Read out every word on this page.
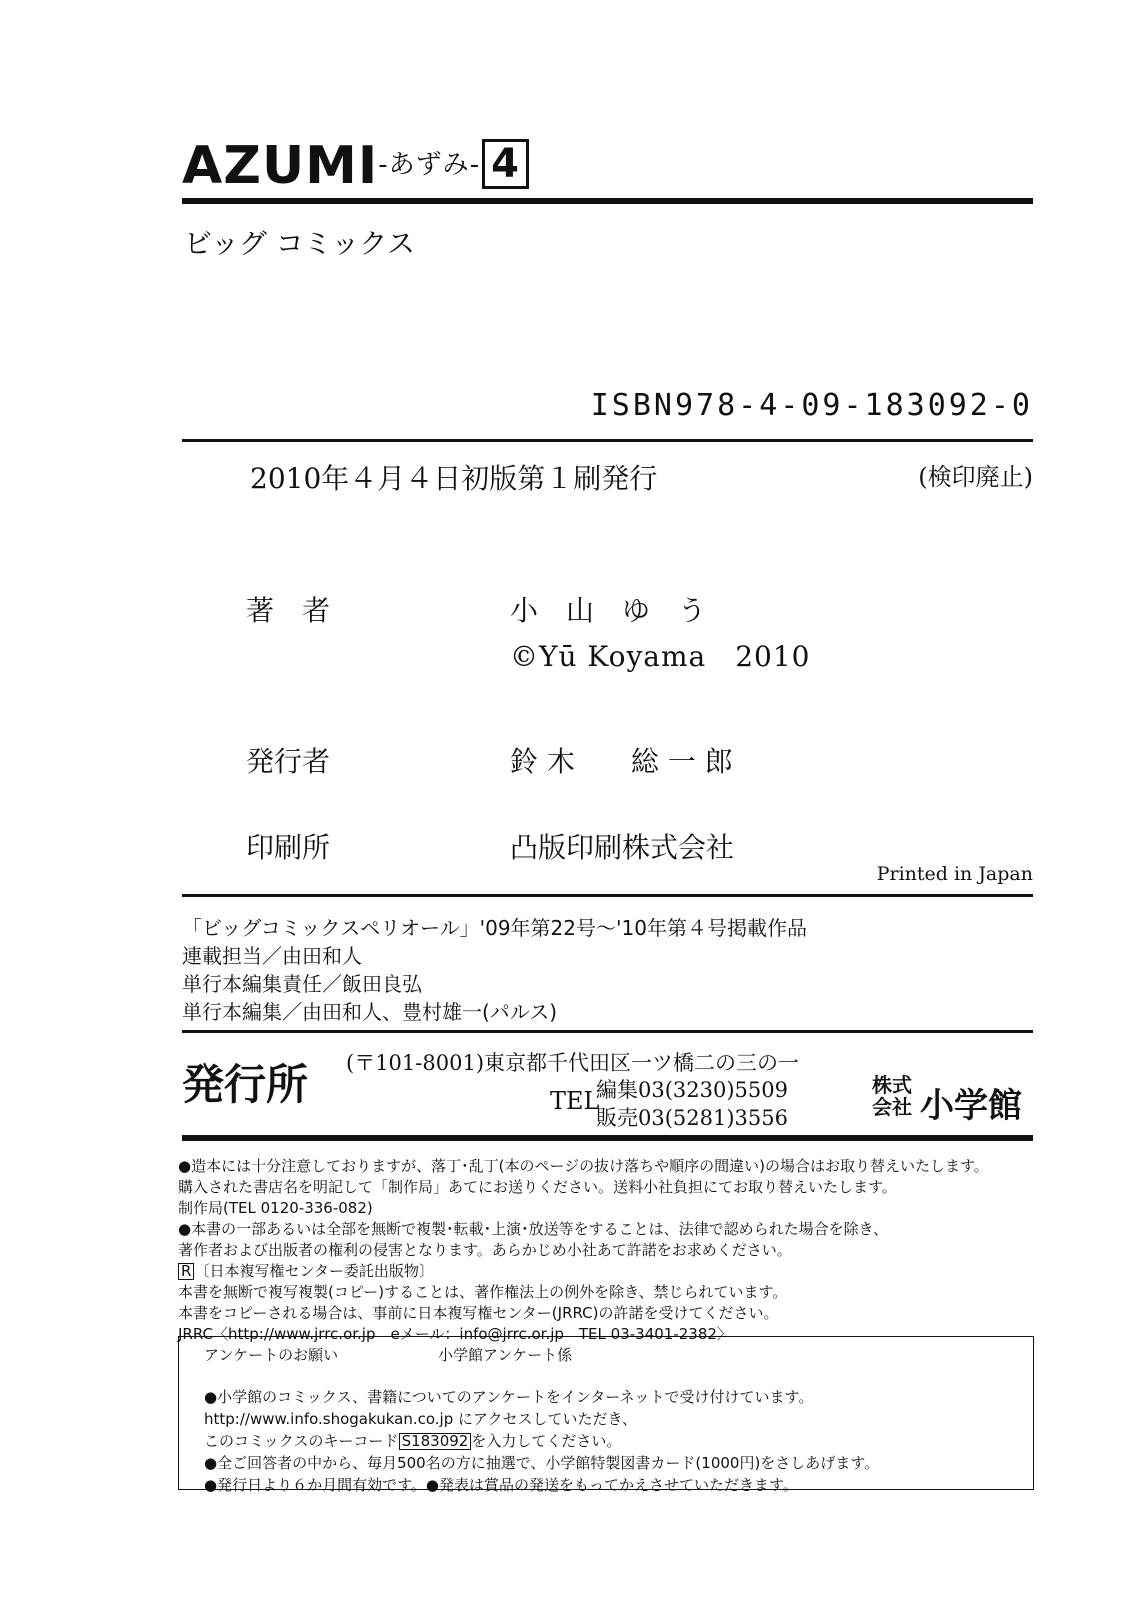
AZUMI-$^{あずみ}$- 4
ビッグ コミックス
ISBN978-4-09-183092-0
2010年４月４日初版第１刷発行	(検印廃止)
著　者	小　山　ゆ　う
©Yū Koyama　2010
発行者	鈴 木　　総 一 郎
印刷所	凸版印刷株式会社
Printed in Japan
「ビッグコミックスペリオール」'09年第22号～'10年第４号掲載作品
連載担当／由田和人
単行本編集責任／飯田良弘
単行本編集／由田和人、豊村雄一(パルス)
発行所 (〒101-8001)東京都千代田区一ツ橋二の三の一
TEL
編集03(3230)5509
販売03(5281)3556
株式会社 小学館
●造本には十分注意しておりますが、落丁･乱丁(本のページの抜け落ちや順序の間違い)の場合はお取り替えいたします。
購入された書店名を明記して「制作局」あてにお送りください。送料小社負担にてお取り替えいたします。
制作局(TEL 0120-336-082)
●本書の一部あるいは全部を無断で複製･転載･上演･放送等をすることは、法律で認められた場合を除き、
著作者および出版者の権利の侵害となります。あらかじめ小社あて許諾をお求めください。
R 〔日本複写権センター委託出版物〕
本書を無断で複写複製(コピー)することは、著作権法上の例外を除き、禁じられています。
本書をコピーされる場合は、事前に日本複写権センター(JRRC)の許諾を受けてください。
JRRC〈http://www.jrrc.or.jp　eメール：info@jrrc.or.jp　TEL 03-3401-2382〉
アンケートのお願い	小学館アンケート係
●小学館のコミックス、書籍についてのアンケートをインターネットで受け付けています。
http://www.info.shogakukan.co.jp にアクセスしていただき、
このコミックスのキーコード S183092 を入力してください。
●全ご回答者の中から、毎月500名の方に抽選で、小学館特製図書カード(1000円)をさしあげます。
●発行日より６か月間有効です。●発表は賞品の発送をもってかえさせていただきます。
